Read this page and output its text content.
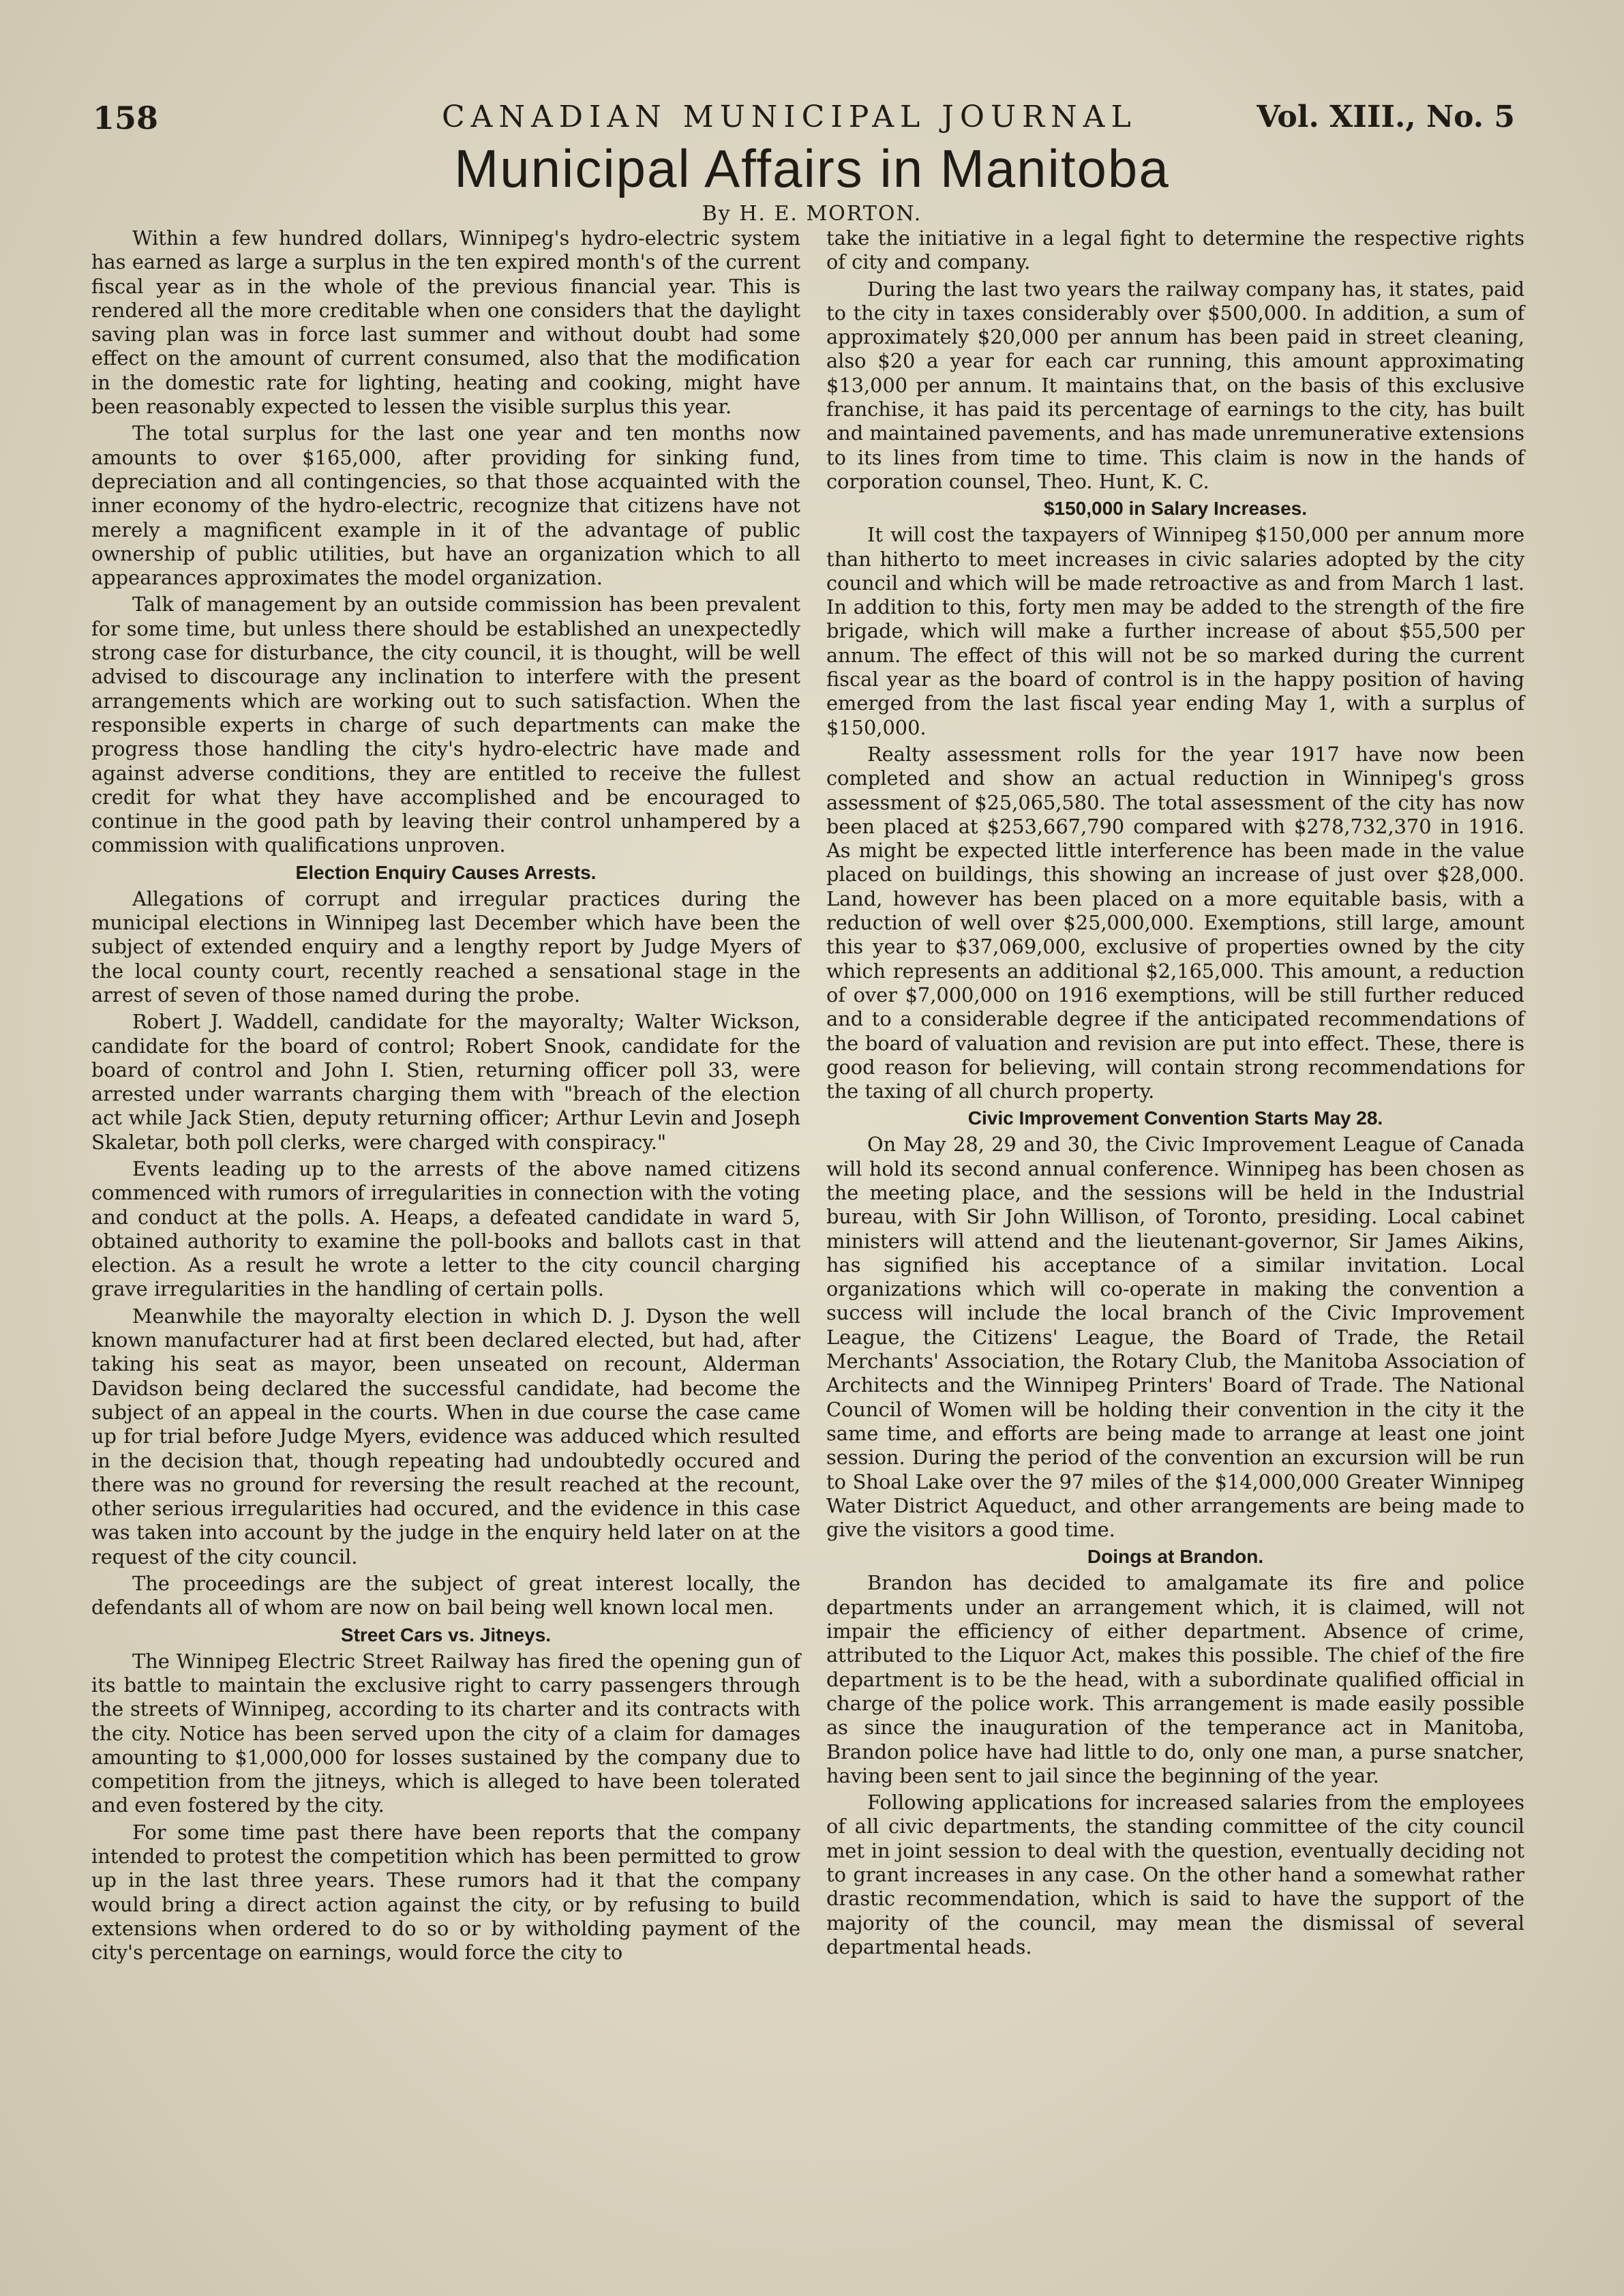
158	CANADIAN MUNICIPAL JOURNAL	Vol. XIII., No. 5
Municipal Affairs in Manitoba
By H. E. MORTON.

Within a few hundred dollars, Winnipeg's hydro-electric system has earned as large a surplus in the ten expired month's of the current fiscal year as in the whole of the previous financial year. This is rendered all the more creditable when one considers that the daylight saving plan was in force last summer and without doubt had some effect on the amount of current consumed, also that the modification in the domestic rate for lighting, heating and cooking, might have been reasonably expected to lessen the visible surplus this year.

The total surplus for the last one year and ten months now amounts to over $165,000, after providing for sinking fund, depreciation and all contingencies, so that those acquainted with the inner economy of the hydro-electric, recognize that citizens have not merely a magnificent example in it of the advantage of public ownership of public utilities, but have an organization which to all appearances approximates the model organization.

Talk of management by an outside commission has been prevalent for some time, but unless there should be established an unexpectedly strong case for disturbance, the city council, it is thought, will be well advised to discourage any inclination to interfere with the present arrangements which are working out to such satisfaction. When the responsible experts in charge of such departments can make the progress those handling the city's hydro-electric have made and against adverse conditions, they are entitled to receive the fullest credit for what they have accomplished and be encouraged to continue in the good path by leaving their control unhampered by a commission with qualifications unproven.

Election Enquiry Causes Arrests.

Allegations of corrupt and irregular practices during the municipal elections in Winnipeg last December which have been the subject of extended enquiry and a lengthy report by Judge Myers of the local county court, recently reached a sensational stage in the arrest of seven of those named during the probe.

Robert J. Waddell, candidate for the mayoralty; Walter Wickson, candidate for the board of control; Robert Snook, candidate for the board of control and John I. Stien, returning officer poll 33, were arrested under warrants charging them with "breach of the election act while Jack Stien, deputy returning officer; Arthur Levin and Joseph Skaletar, both poll clerks, were charged with conspiracy."

Events leading up to the arrests of the above named citizens commenced with rumors of irregularities in connection with the voting and conduct at the polls. A. Heaps, a defeated candidate in ward 5, obtained authority to examine the poll-books and ballots cast in that election. As a result he wrote a letter to the city council charging grave irregularities in the handling of certain polls.

Meanwhile the mayoralty election in which D. J. Dyson the well known manufacturer had at first been declared elected, but had, after taking his seat as mayor, been unseated on recount, Alderman Davidson being declared the successful candidate, had become the subject of an appeal in the courts. When in due course the case came up for trial before Judge Myers, evidence was adduced which resulted in the decision that, though repeating had undoubtedly occured and there was no ground for reversing the result reached at the recount, other serious irregularities had occured, and the evidence in this case was taken into account by the judge in the enquiry held later on at the request of the city council.

The proceedings are the subject of great interest locally, the defendants all of whom are now on bail being well known local men.

Street Cars vs. Jitneys.

The Winnipeg Electric Street Railway has fired the opening gun of its battle to maintain the exclusive right to carry passengers through the streets of Winnipeg, according to its charter and its contracts with the city. Notice has been served upon the city of a claim for damages amounting to $1,000,000 for losses sustained by the company due to competition from the jitneys, which is alleged to have been tolerated and even fostered by the city.

For some time past there have been reports that the company intended to protest the competition which has been permitted to grow up in the last three years. These rumors had it that the company would bring a direct action against the city, or by refusing to build extensions when ordered to do so or by witholding payment of the city's percentage on earnings, would force the city to

take the initiative in a legal fight to determine the respective rights of city and company.

During the last two years the railway company has, it states, paid to the city in taxes considerably over $500,000. In addition, a sum of approximately $20,000 per annum has been paid in street cleaning, also $20 a year for each car running, this amount approximating $13,000 per annum. It maintains that, on the basis of this exclusive franchise, it has paid its percentage of earnings to the city, has built and maintained pavements, and has made unremunerative extensions to its lines from time to time. This claim is now in the hands of corporation counsel, Theo. Hunt, K. C.

$150,000 in Salary Increases.

It will cost the taxpayers of Winnipeg $150,000 per annum more than hitherto to meet increases in civic salaries adopted by the city council and which will be made retroactive as and from March 1 last. In addition to this, forty men may be added to the strength of the fire brigade, which will make a further increase of about $55,500 per annum. The effect of this will not be so marked during the current fiscal year as the board of control is in the happy position of having emerged from the last fiscal year ending May 1, with a surplus of $150,000.

Realty assessment rolls for the year 1917 have now been completed and show an actual reduction in Winnipeg's gross assessment of $25,065,580. The total assessment of the city has now been placed at $253,667,790 compared with $278,732,370 in 1916. As might be expected little interference has been made in the value placed on buildings, this showing an increase of just over $28,000. Land, however has been placed on a more equitable basis, with a reduction of well over $25,000,000. Exemptions, still large, amount this year to $37,069,000, exclusive of properties owned by the city which represents an additional $2,165,000. This amount, a reduction of over $7,000,000 on 1916 exemptions, will be still further reduced and to a considerable degree if the anticipated recommendations of the board of valuation and revision are put into effect. These, there is good reason for believing, will contain strong recommendations for the taxing of all church property.

Civic Improvement Convention Starts May 28.

On May 28, 29 and 30, the Civic Improvement League of Canada will hold its second annual conference. Winnipeg has been chosen as the meeting place, and the sessions will be held in the Industrial bureau, with Sir John Willison, of Toronto, presiding. Local cabinet ministers will attend and the lieutenant-governor, Sir James Aikins, has signified his acceptance of a similar invitation. Local organizations which will co-operate in making the convention a success will include the local branch of the Civic Improvement League, the Citizens' League, the Board of Trade, the Retail Merchants' Association, the Rotary Club, the Manitoba Association of Architects and the Winnipeg Printers' Board of Trade. The National Council of Women will be holding their convention in the city it the same time, and efforts are being made to arrange at least one joint session. During the period of the convention an excursion will be run to Shoal Lake over the 97 miles of the $14,000,000 Greater Winnipeg Water District Aqueduct, and other arrangements are being made to give the visitors a good time.

Doings at Brandon.

Brandon has decided to amalgamate its fire and police departments under an arrangement which, it is claimed, will not impair the efficiency of either department. Absence of crime, attributed to the Liquor Act, makes this possible. The chief of the fire department is to be the head, with a subordinate qualified official in charge of the police work. This arrangement is made easily possible as since the inauguration of the temperance act in Manitoba, Brandon police have had little to do, only one man, a purse snatcher, having been sent to jail since the beginning of the year.

Following applications for increased salaries from the employees of all civic departments, the standing committee of the city council met in joint session to deal with the question, eventually deciding not to grant increases in any case. On the other hand a somewhat rather drastic recommendation, which is said to have the support of the majority of the council, may mean the dismissal of several departmental heads.
